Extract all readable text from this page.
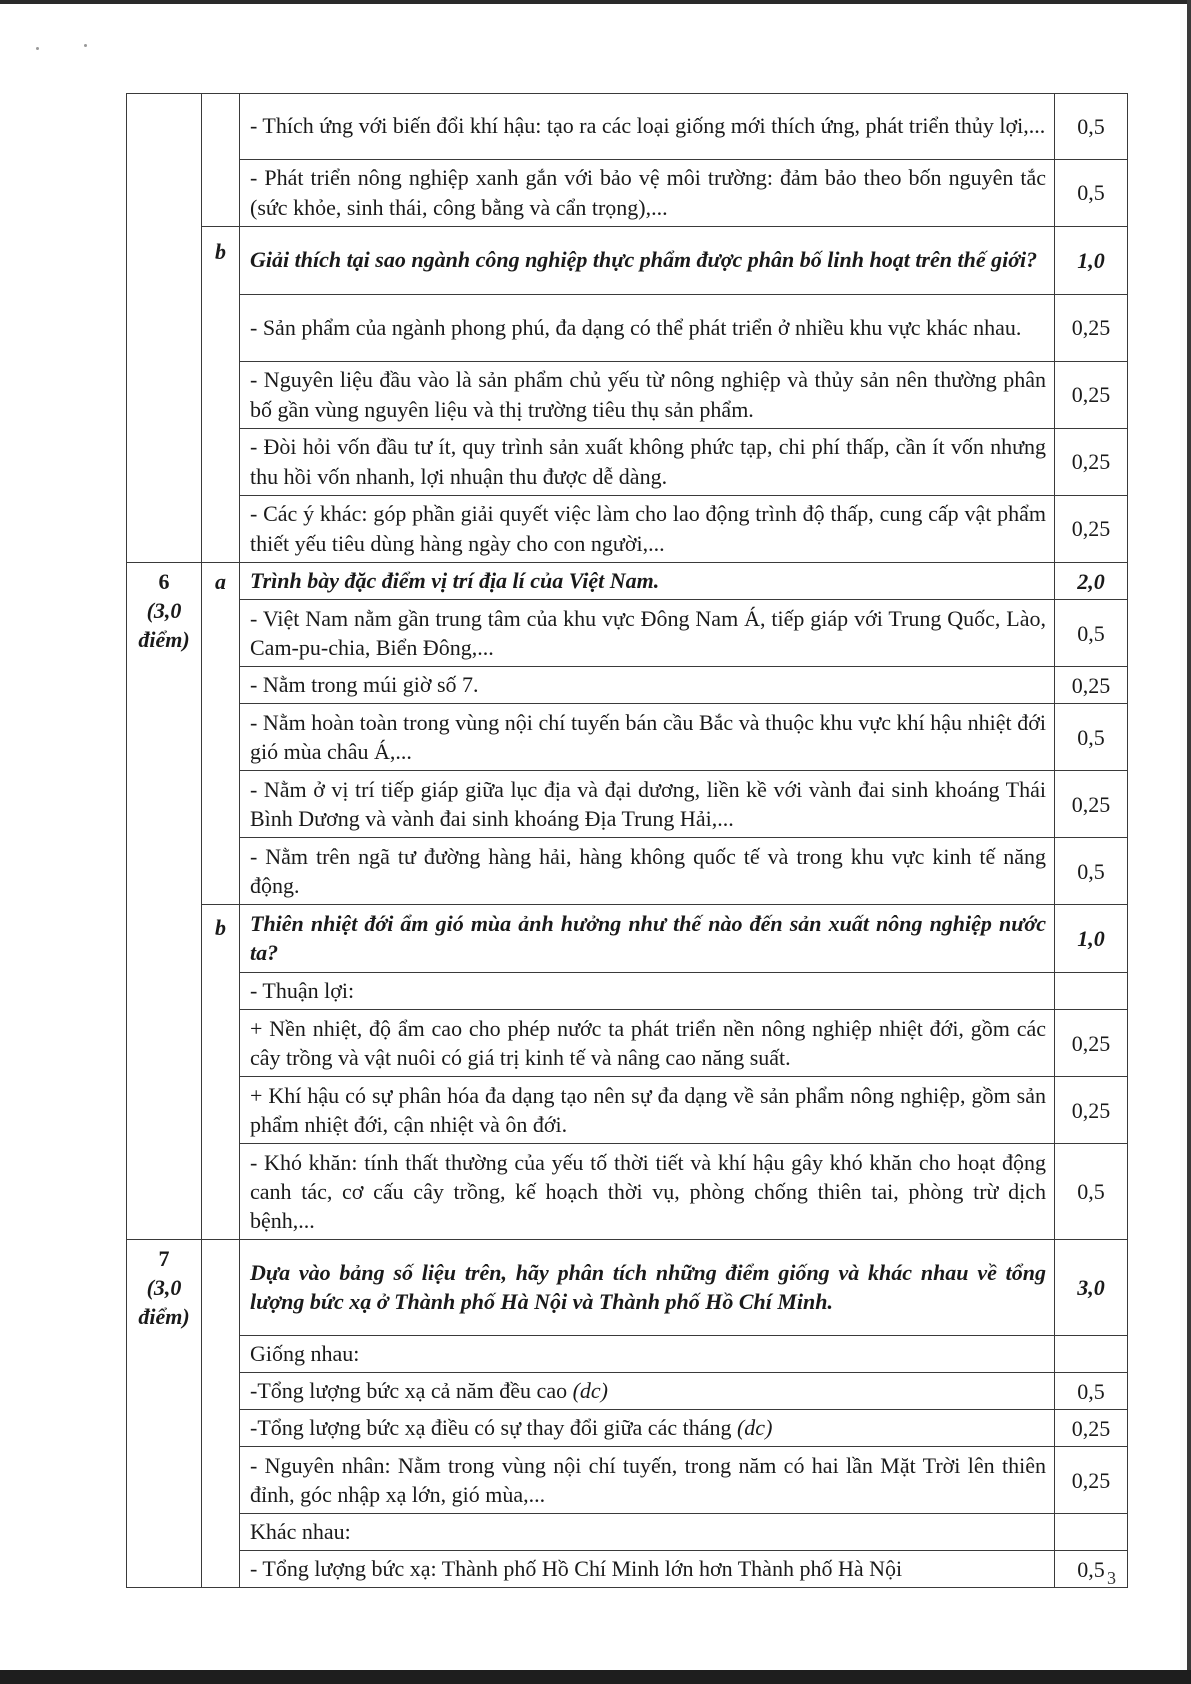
		- Thích ứng với biến đổi khí hậu: tạo ra các loại giống mới thích ứng, phát triển thủy lợi,...	0,5
		- Phát triển nông nghiệp xanh gắn với bảo vệ môi trường: đảm bảo theo bốn nguyên tắc (sức khỏe, sinh thái, công bằng và cẩn trọng),...	0,5
	b	Giải thích tại sao ngành công nghiệp thực phẩm được phân bố linh hoạt trên thế giới?	1,0
		- Sản phẩm của ngành phong phú, đa dạng có thể phát triển ở nhiều khu vực khác nhau.	0,25
		- Nguyên liệu đầu vào là sản phẩm chủ yếu từ nông nghiệp và thủy sản nên thường phân bố gần vùng nguyên liệu và thị trường tiêu thụ sản phẩm.	0,25
		- Đòi hỏi vốn đầu tư ít, quy trình sản xuất không phức tạp, chi phí thấp, cần ít vốn nhưng thu hồi vốn nhanh, lợi nhuận thu được dễ dàng.	0,25
		- Các ý khác: góp phần giải quyết việc làm cho lao động trình độ thấp, cung cấp vật phẩm thiết yếu tiêu dùng hàng ngày cho con người,...	0,25

6
(3,0
điểm)	a	Trình bày đặc điểm vị trí địa lí của Việt Nam.	2,0
		- Việt Nam nằm gần trung tâm của khu vực Đông Nam Á, tiếp giáp với Trung Quốc, Lào, Cam-pu-chia, Biển Đông,...	0,5
		- Nằm trong múi giờ số 7.	0,25
		- Nằm hoàn toàn trong vùng nội chí tuyến bán cầu Bắc và thuộc khu vực khí hậu nhiệt đới gió mùa châu Á,...	0,5
		- Nằm ở vị trí tiếp giáp giữa lục địa và đại dương, liền kề với vành đai sinh khoáng Thái Bình Dương và vành đai sinh khoáng Địa Trung Hải,...	0,25
		- Nằm trên ngã tư đường hàng hải, hàng không quốc tế và trong khu vực kinh tế năng động.	0,5
	b	Thiên nhiệt đới ẩm gió mùa ảnh hưởng như thế nào đến sản xuất nông nghiệp nước ta?	1,0
		- Thuận lợi:	
		+ Nền nhiệt, độ ẩm cao cho phép nước ta phát triển nền nông nghiệp nhiệt đới, gồm các cây trồng và vật nuôi có giá trị kinh tế và nâng cao năng suất.	0,25
		+ Khí hậu có sự phân hóa đa dạng tạo nên sự đa dạng về sản phẩm nông nghiệp, gồm sản phẩm nhiệt đới, cận nhiệt và ôn đới.	0,25
		- Khó khăn: tính thất thường của yếu tố thời tiết và khí hậu gây khó khăn cho hoạt động canh tác, cơ cấu cây trồng, kế hoạch thời vụ, phòng chống thiên tai, phòng trừ dịch bệnh,...	0,5

7
(3,0
điểm)		Dựa vào bảng số liệu trên, hãy phân tích những điểm giống và khác nhau về tổng lượng bức xạ ở Thành phố Hà Nội và Thành phố Hồ Chí Minh.	3,0
		Giống nhau:	
		-Tổng lượng bức xạ cả năm đều cao (dc)	0,5
		-Tổng lượng bức xạ điều có sự thay đổi giữa các tháng (dc)	0,25
		- Nguyên nhân: Nằm trong vùng nội chí tuyến, trong năm có hai lần Mặt Trời lên thiên đỉnh, góc nhập xạ lớn, gió mùa,...	0,25
		Khác nhau:	
		- Tổng lượng bức xạ: Thành phố Hồ Chí Minh lớn hơn Thành phố Hà Nội	0,5 3
